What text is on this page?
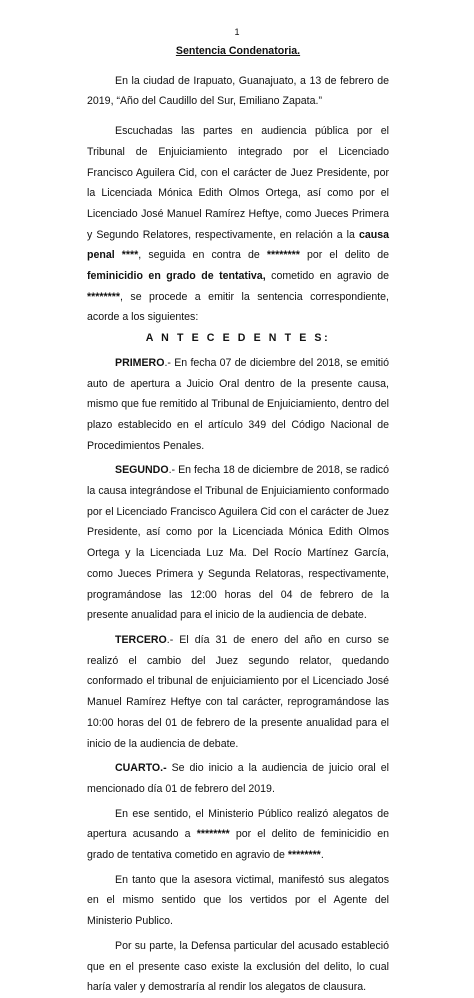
1

Sentencia Condenatoria.

En la ciudad de Irapuato, Guanajuato, a 13 de febrero de 2019, “Año del Caudillo del Sur, Emiliano Zapata.”

Escuchadas las partes en audiencia pública por el Tribunal de Enjuiciamiento integrado por el Licenciado Francisco Aguilera Cid, con el carácter de Juez Presidente, por la Licenciada Mónica Edith Olmos Ortega, así como por el Licenciado José Manuel Ramírez Heftye, como Jueces Primera y Segundo Relatores, respectivamente, en relación a la causa penal ****, seguida en contra de ******** por el delito de feminicidio en grado de tentativa, cometido en agravio de ********, se procede a emitir la sentencia correspondiente, acorde a los siguientes:

A N T E C E D E N T E S:

PRIMERO.- En fecha 07 de diciembre del 2018, se emitió auto de apertura a Juicio Oral dentro de la presente causa, mismo que fue remitido al Tribunal de Enjuiciamiento, dentro del plazo establecido en el artículo 349 del Código Nacional de Procedimientos Penales.

SEGUNDO.- En fecha 18 de diciembre de 2018, se radicó la causa integrándose el Tribunal de Enjuiciamiento conformado por el Licenciado Francisco Aguilera Cid con el carácter de Juez Presidente, así como por la Licenciada Mónica Edith Olmos Ortega y la Licenciada Luz Ma. Del Rocío Martínez García, como Jueces Primera y Segunda Relatoras, respectivamente, programándose las 12:00 horas del 04 de febrero de la presente anualidad para el inicio de la audiencia de debate.

TERCERO.- El día 31 de enero del año en curso se realizó el cambio del Juez segundo relator, quedando conformado el tribunal de enjuiciamiento por el Licenciado José Manuel Ramírez Heftye con tal carácter, reprogramándose las 10:00 horas del 01 de febrero de la presente anualidad para el inicio de la audiencia de debate.

CUARTO.- Se dio inicio a la audiencia de juicio oral el mencionado día 01 de febrero del 2019.

En ese sentido, el Ministerio Público realizó alegatos de apertura acusando a ******** por el delito de feminicidio en grado de tentativa cometido en agravio de ********.

En tanto que la asesora victimal, manifestó sus alegatos en el mismo sentido que los vertidos por el Agente del Ministerio Publico.

Por su parte, la Defensa particular del acusado estableció que en el presente caso existe la exclusión del delito, lo cual haría valer y demostraría al rendir los alegatos de clausura.
